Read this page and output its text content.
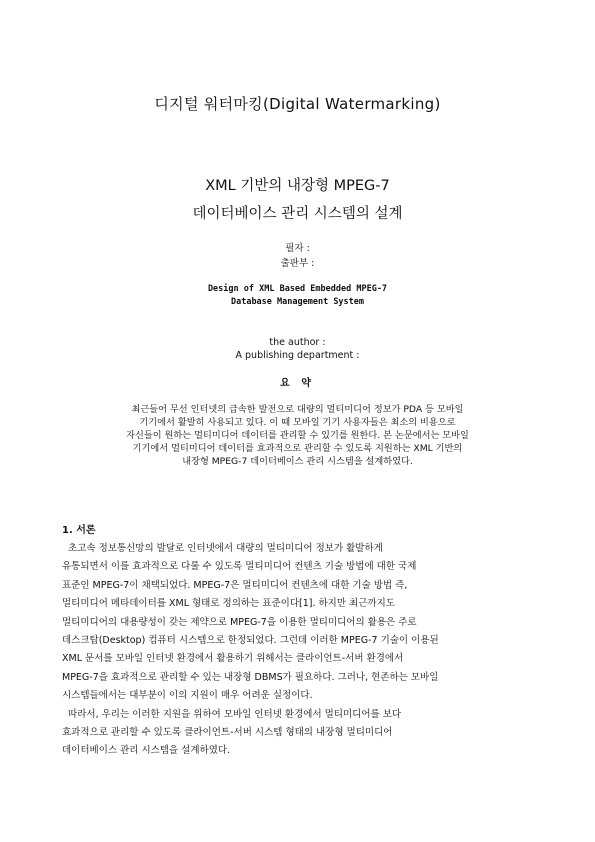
디지털 워터마킹(Digital Watermarking)
XML 기반의 내장형 MPEG-7
데이터베이스 관리 시스템의 설계
필자 :
출판부 :
Design of XML Based Embedded MPEG-7
Database Management System
the author :
A publishing department :
요 약
최근들어 무선 인터넷의 급속한 발전으로 대량의 멀티미디어 정보가 PDA 등 모바일
기기에서 활발히 사용되고 있다. 이 때 모바일 기기 사용자들은 최소의 비용으로
자신들이 원하는 멀티미디어 데이터를 관리할 수 있기를 원한다. 본 논문에서는 모바일
기기에서 멀티미디어 데이터를 효과적으로 관리할 수 있도록 지원하는 XML 기반의
내장형 MPEG-7 데이터베이스 관리 시스템을 설계하였다.
1. 서론
초고속 정보통신망의 발달로 인터넷에서 대량의 멀티미디어 정보가 활발하게
유통되면서 이를 효과적으로 다룰 수 있도록 멀티미디어 컨텐츠 기술 방법에 대한 국제
표준인 MPEG-7이 채택되었다. MPEG-7은 멀티미디어 컨텐츠에 대한 기술 방법 즉,
멀티미디어 메타데이터를 XML 형태로 정의하는 표준이다[1]. 하지만 최근까지도
멀티미디어의 대용량성이 갖는 제약으로 MPEG-7을 이용한 멀티미디어의 활용은 주로
데스크탑(Desktop) 컴퓨터 시스템으로 한정되었다. 그런데 이러한 MPEG-7 기술이 이용된
XML 문서를 모바일 인터넷 환경에서 활용하기 위해서는 클라이언트-서버 환경에서
MPEG-7을 효과적으로 관리할 수 있는 내장형 DBMS가 필요하다. 그러나, 현존하는 모바일
시스템들에서는 대부분이 이의 지원이 매우 어려운 실정이다.
따라서, 우리는 이러한 지원을 위하여 모바일 인터넷 환경에서 멀티미디어를 보다
효과적으로 관리할 수 있도록 클라이언트-서버 시스템 형태의 내장형 멀티미디어
데이터베이스 관리 시스템을 설계하였다.
